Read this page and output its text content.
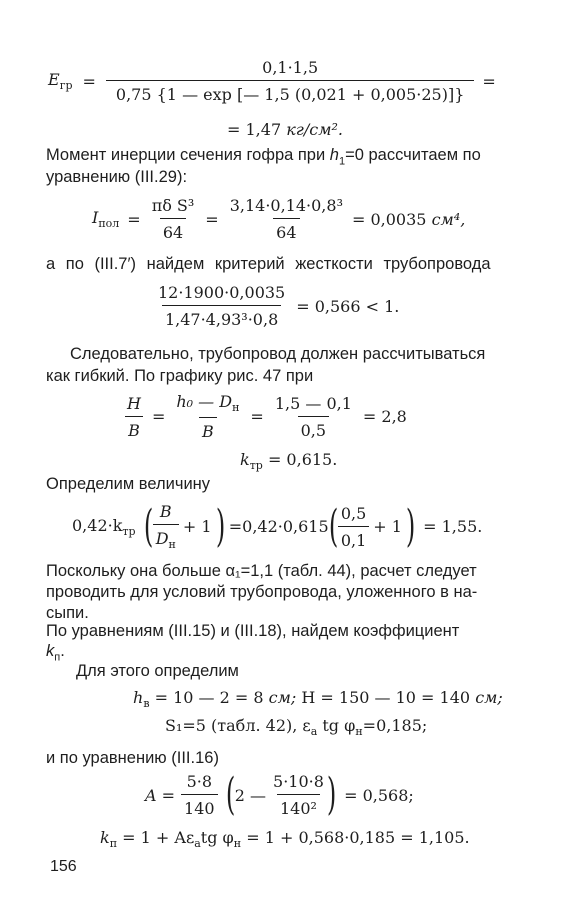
$E_{гр} = \frac{0,1\cdot 1,5}{0,75 \{1 — \exp [— 1,5 (0,021 + 0,005\cdot 25)]\}}$ =
= 1,47 кг/см².
Момент инерции сечения гофра при $h_1=0$ рассчитаем по
уравнению (III.29):
$I_{пол} = \frac{\text{πδ S³}}{64} = \frac{\text{3,14·0,14·0,8³}}{64} = 0,0035$
см⁴,
а по (III.7′) найдем критерий жесткости трубопровода
$\frac{12\cdot 1900\cdot 0,0035}{\text{1,47·4,93³·0,8}} = 0,566 < 1$.
Следовательно, трубопровод должен рассчитываться
как гибкий. По графику рис. 47 при
$\frac{H}{B} = \frac{h_0 — D_н}{B} = \frac{1,5 — 0,1}{0,5} = 2,8$
$k_{тр} = 0,615$.
Определим величину
$0,42\cdot k_{тр}$ ( $\frac{B}{D_н} + 1$ ) =0,42·0,615 ( $\frac{0,5}{0,1} + 1$ ) = 1,55.
Поскольку она больше α₁=1,1 (табл. 44), расчет следует
проводить для условий трубопровода, уложенного в на-
сыпи.
По уравнениям (III.15) и (III.18), найдем коэффициент
$k_п$.
Для этого определим
$h_в = 10$ — 2 = 8 см; H = 150 — 10 = 140 см;
S₁=5 (табл. 42), $\varepsilon_a$ tg $\varphi_н=0,185$;
и по уравнению (III.16)
$A = \frac{5\cdot 8}{140}$ ( 2 — $\frac{5\cdot 10\cdot 8}{\text{140²}}$ ) = 0,568;
$k_п = 1 + A\varepsilon_atg$ $\varphi_н = 1 + 0,568\cdot 0,185 = 1,105$.
156
